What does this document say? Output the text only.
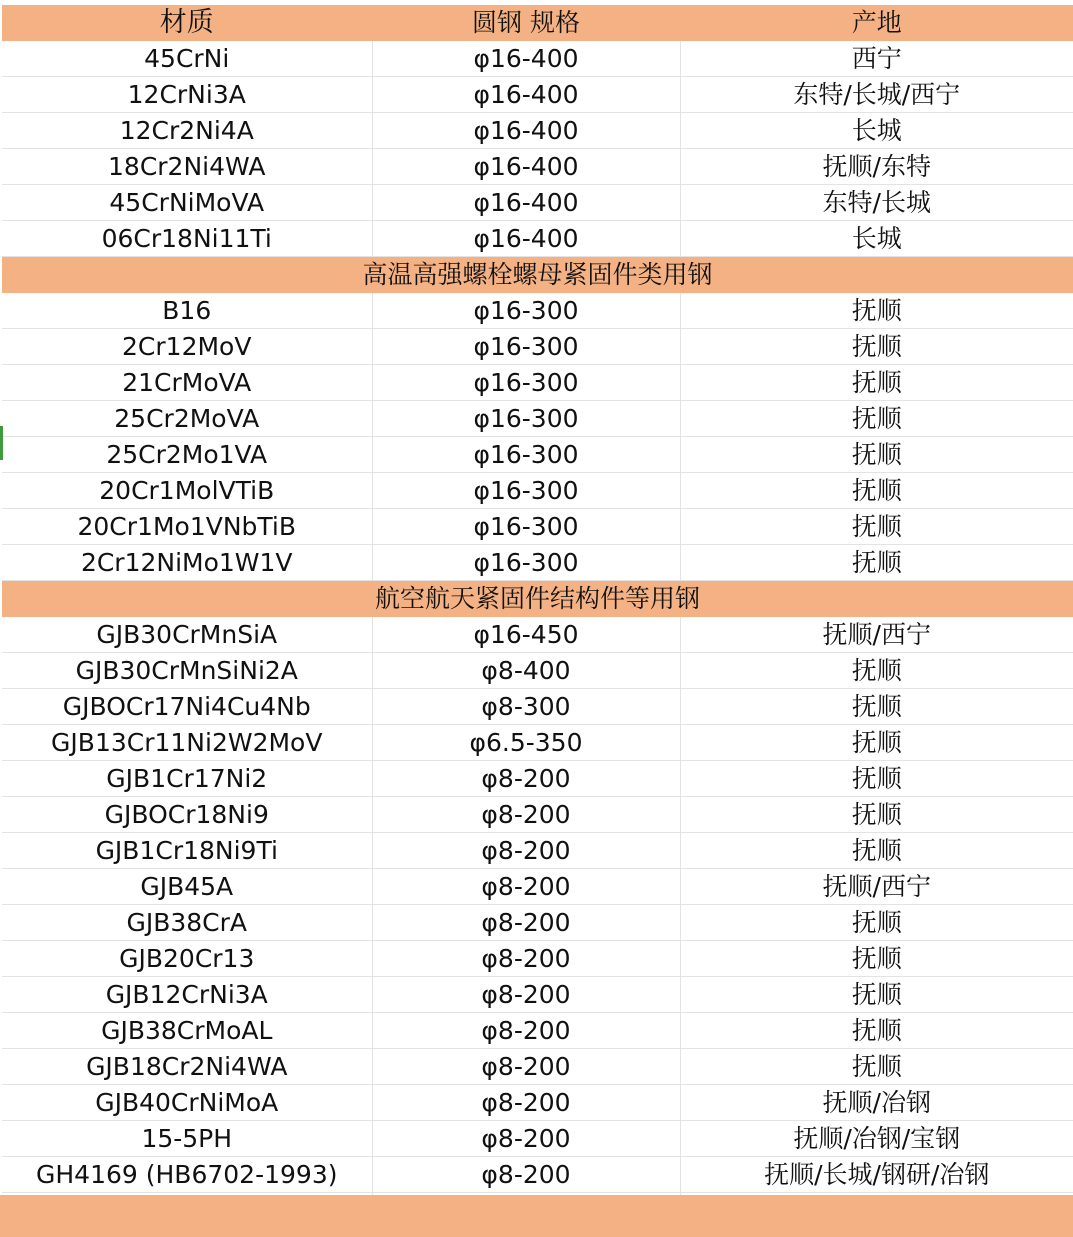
材质	圆钢 规格	产地
45CrNi	φ16-400	西宁
12CrNi3A	φ16-400	东特/长城/西宁
12Cr2Ni4A	φ16-400	长城
18Cr2Ni4WA	φ16-400	抚顺/东特
45CrNiMoVA	φ16-400	东特/长城
06Cr18Ni11Ti	φ16-400	长城
高温高强螺栓螺母紧固件类用钢		
B16	φ16-300	抚顺
2Cr12MoV	φ16-300	抚顺
21CrMoVA	φ16-300	抚顺
25Cr2MoVA	φ16-300	抚顺
25Cr2Mo1VA	φ16-300	抚顺
20Cr1MolVTiB	φ16-300	抚顺
20Cr1Mo1VNbTiB	φ16-300	抚顺
2Cr12NiMo1W1V	φ16-300	抚顺
航空航天紧固件结构件等用钢		
GJB30CrMnSiA	φ16-450	抚顺/西宁
GJB30CrMnSiNi2A	φ8-400	抚顺
GJBOCr17Ni4Cu4Nb	φ8-300	抚顺
GJB13Cr11Ni2W2MoV	φ6.5-350	抚顺
GJB1Cr17Ni2	φ8-200	抚顺
GJBOCr18Ni9	φ8-200	抚顺
GJB1Cr18Ni9Ti	φ8-200	抚顺
GJB45A	φ8-200	抚顺/西宁
GJB38CrA	φ8-200	抚顺
GJB20Cr13	φ8-200	抚顺
GJB12CrNi3A	φ8-200	抚顺
GJB38CrMoAL	φ8-200	抚顺
GJB18Cr2Ni4WA	φ8-200	抚顺
GJB40CrNiMoA	φ8-200	抚顺/冶钢
15-5PH	φ8-200	抚顺/冶钢/宝钢
GH4169 (HB6702-1993)	φ8-200	抚顺/长城/钢研/冶钢
